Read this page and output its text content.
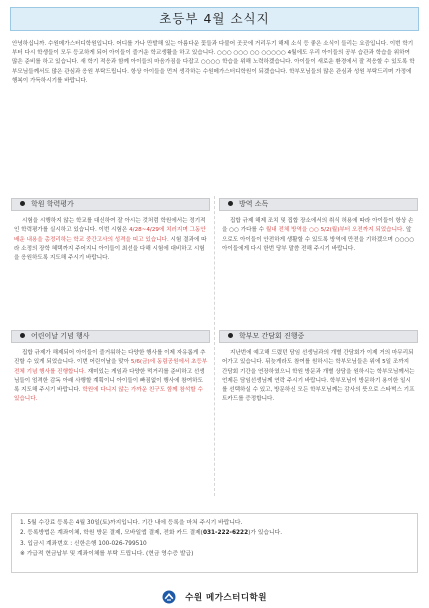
초등부 4월 소식지
안녕하십니까. 수원메가스터디학원입니다. 어디를 가나 만발해 있는 아름다운 꽃들과 다불어 곳곳에 거리두기 해제 소식 등 좋은 소식이 들리는 요즘입니다. 이번 학기부터 다시 학생들이 모두 등교하게 되어 아이들이 즐거운 학교생활을 하고 있습니다. ○○○ ○○○ ○○ ○○○○○ 4월에도 우리 아이들의 공부 습관과 학습을 위하여 많은 준비를 하고 있습니다. 새 학기 적응과 함께 아이들의 마음가짐을 다잡고 ○○○○ 학습을 위해 노력하겠습니다. 아이들이 새로운 환경에서 잘 적응할 수 있도록 학부모님들께서도 많은 관심과 응원 부탁드립니다. 항상 아이들을 먼저 생각하는 수원메가스터디학원이 되겠습니다. 학부모님들의 많은 관심과 성원 부탁드리며 가정에 행복이 가득하시기를 바랍니다.
학원 학력평가
시험을 시행하지 않는 학교를 대신하여 잘 아시는 것처럼 학원에서는 정기적인 학력평가를 실시하고 있습니다. 이번 시험은 4/28~4/29에 치러지며 그동안 배운 내용을 총정리하는 학교 중간고사의 성격을 띠고 있습니다. 시험 결과에 따라 소정의 장학 혜택까지 주어지니 아이들이 최선을 다해 시험에 대비하고 시험을 응원하도록 지도해 주시기 바랍니다.
방역 소독
집합 규제 해제 조치 및 집합 장소에서의 취식 허용에 따라 아이들이 항상 손을 ○○ 가다를 수 월내 전체 방역을 ○○ 5/2(월)부터 오전까지 되었습니다. 앞으로도 아이들이 안전하게 생활할 수 있도록 방역에 만전을 기하겠으며 ○○○○ 아이들에게 다시 한번 당부 말씀 전해 주시기 바랍니다.
어린이날 기념 행사
집합 규제가 해제되어 아이들이 즐거워하는 다양한 행사를 이제 자유롭게 추진할 수 있게 되었습니다. 이번 어린이날을 맞아 5/6(금)에 동림공원에서 초등부 전체 기념 행사를 진행합니다. 재미있는 게임과 다양한 먹거리를 준비하고 선생님들이 엄격한 감독 아래 사행할 계획이니 아이들이 빠짐없이 행사에 참여하도록 지도해 주시기 바랍니다. 학원에 다니지 않는 가까운 친구도 함께 참석할 수 있습니다.
학부모 간담회 진행중
지난번에 예고해 드렸던 담임 선생님과의 개별 간담회가 이제 거의 마무리되어가고 있습니다. 뒤늦게라도 참여를 원하시는 학부모님들은 위에 5일 조까지 간담회 기간을 연장하였으니 학원 방문과 개별 상담을 원하시는 학부모님께서는 언제든 담임선생님께 연락 주시기 바랍니다. 학부모님이 방문하기 용이한 일시를 선택하실 수 있고, 방문하신 모든 학부모님께는 감사의 뜻으로 스타벅스 기프트카드를 증정합니다.
1. 5월 수강료 등록은 4월 30일(토)까지입니다. 기간 내에 등록을 마쳐 주시기 바랍니다.
2. 등록방법은 계좌이체, 학원 방문 결제, 모바일앱 결제, 전화 카드 결제(031-222-6222)가 있습니다.
3. 입금시 계좌번호 : 신한은행 100-026-799510
※ 가급적 현금납부 및 계좌이체를 부탁 드립니다. (현금 영수증 발급)
수원 메가스터디학원
